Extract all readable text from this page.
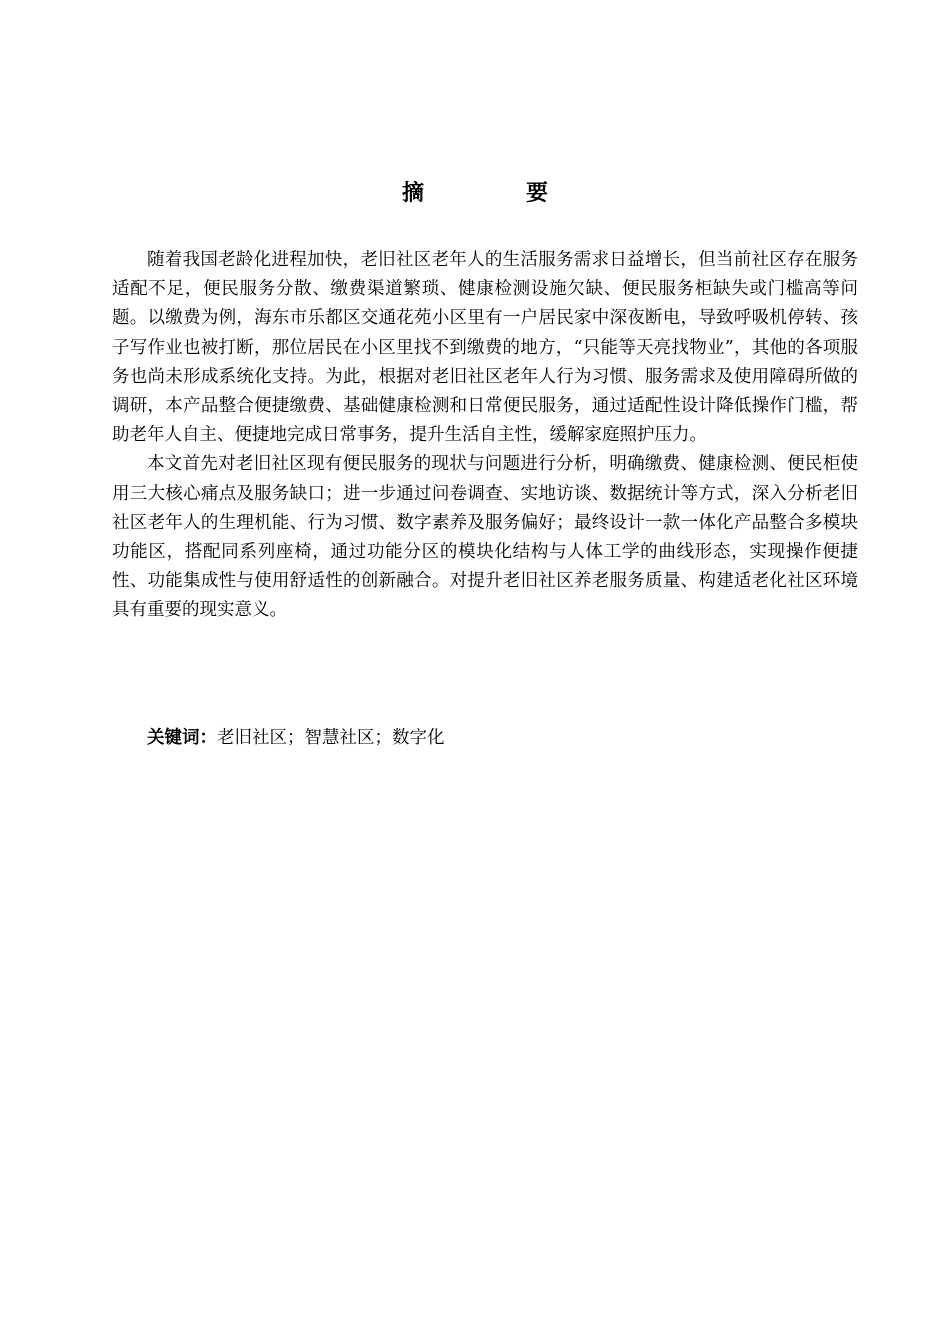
摘　要

随着我国老龄化进程加快，老旧社区老年人的生活服务需求日益增长，但当前社区存在服务适配不足，便民服务分散、缴费渠道繁琐、健康检测设施欠缺、便民服务柜缺失或门槛高等问题。以缴费为例，海东市乐都区交通花苑小区里有一户居民家中深夜断电，导致呼吸机停转、孩子写作业也被打断，那位居民在小区里找不到缴费的地方，“只能等天亮找物业”，其他的各项服务也尚未形成系统化支持。为此，根据对老旧社区老年人行为习惯、服务需求及使用障碍所做的调研，本产品整合便捷缴费、基础健康检测和日常便民服务，通过适配性设计降低操作门槛，帮助老年人自主、便捷地完成日常事务，提升生活自主性，缓解家庭照护压力。

本文首先对老旧社区现有便民服务的现状与问题进行分析，明确缴费、健康检测、便民柜使用三大核心痛点及服务缺口；进一步通过问卷调查、实地访谈、数据统计等方式，深入分析老旧社区老年人的生理机能、行为习惯、数字素养及服务偏好；最终设计一款一体化产品整合多模块功能区，搭配同系列座椅，通过功能分区的模块化结构与人体工学的曲线形态，实现操作便捷性、功能集成性与使用舒适性的创新融合。对提升老旧社区养老服务质量、构建适老化社区环境具有重要的现实意义。

关键词：老旧社区；智慧社区；数字化
